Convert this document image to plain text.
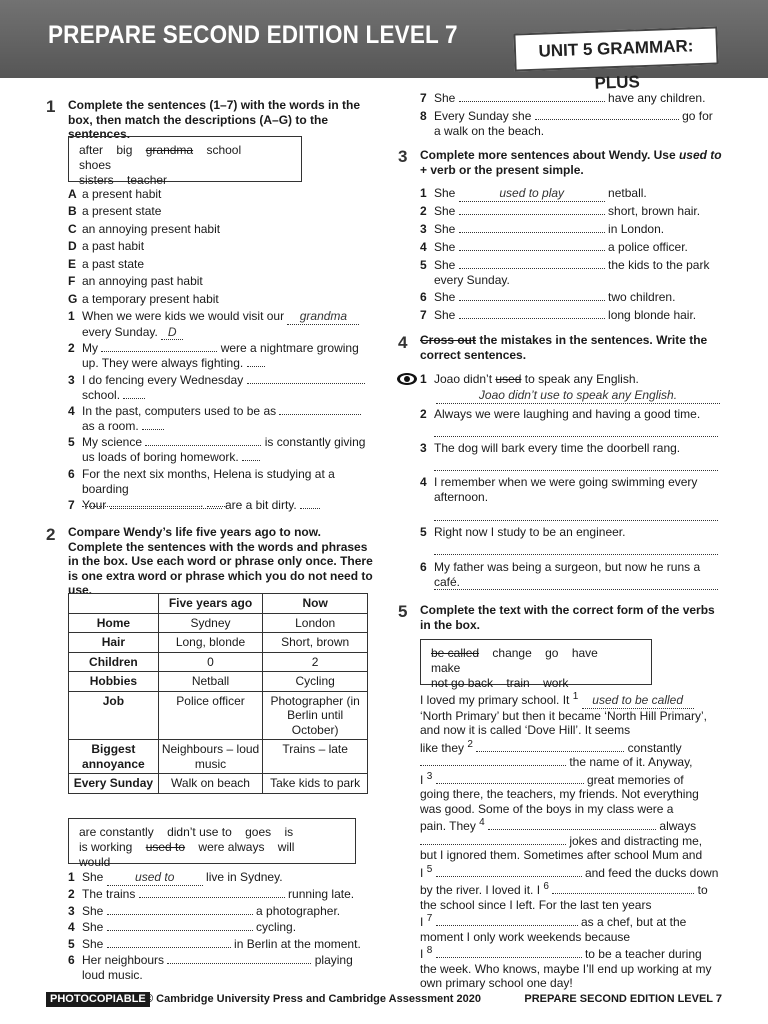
PREPARE SECOND EDITION LEVEL 7	UNIT 5 GRAMMAR: PLUS
1 Complete the sentences (1–7) with the words in the box, then match the descriptions (A–G) to the sentences.
after big grandma school shoes
sisters teacher
A a present habit
B a present state
C an annoying present habit
D a past habit
E a past state
F an annoying past habit
G a temporary present habit
1 When we were kids we would visit our grandma
every Sunday. D
2 My	were a nightmare growing up. They were always fighting.
3 I do fencing every Wednesday
school.
4 In the past, computers used to be as
as a room.
5 My science	is constantly giving us loads of boring homework.
6 For the next six months, Helena is studying at a boarding
.
7 Your	are a bit dirty.
2 Compare Wendy’s life five years ago to now. Complete the sentences with the words and phrases in the box. Use each word or phrase only once. There is one extra word or phrase which you do not need to use.
	Five years ago	Now
Home	Sydney	London
Hair	Long, blonde	Short, brown
Children	0	2
Hobbies	Netball	Cycling
Job	Police officer	Photographer (in Berlin until October)
Biggest annoyance	Neighbours – loud music	Trains – late
Every Sunday	Walk on beach	Take kids to park
are constantly didn’t use to goes is
is working used to were always will would
1 She	used to	live in Sydney.
2 The trains	running late.
3 She	a photographer.
4 She	cycling.
5 She	in Berlin at the moment.
6 Her neighbours	playing
loud music.
7 She	have any children.
8 Every Sunday she	go for
a walk on the beach.
3 Complete more sentences about Wendy. Use used to + verb or the present simple.
1 She	used to play	netball.
2 She	short, brown hair.
3 She	in London.
4 She	a police officer.
5 She	the kids to the park
every Sunday.
6 She	two children.
7 She	long blonde hair.
4 Cross out the mistakes in the sentences. Write the correct sentences.
1 Joao didn’t used to speak any English.
Joao didn’t use to speak any English.
2 Always we were laughing and having a good time.
3 The dog will bark every time the doorbell rang.
4 I remember when we were going swimming every afternoon.
5 Right now I study to be an engineer.
6 My father was being a surgeon, but now he runs a café.
5 Complete the text with the correct form of the verbs in the box.
be called change go have make
not go back train work
I loved my primary school. It $^1$ used to be called
‘North Primary’ but then it became ‘North Hill Primary’, and now it is called ‘Dove Hill’. It seems
like they $^2$	constantly
the name of it. Anyway,
I $^3$	great memories of
going there, the teachers, my friends. Not everything
was good. Some of the boys in my class were a
pain. They $^4$	always
jokes and distracting me,
but I ignored them. Sometimes after school Mum and
I $^5$	and feed the ducks down
by the river. I loved it. I $^6$	to
the school since I left. For the last ten years
I $^7$	as a chef, but at the
moment I only work weekends because
I $^8$	to be a teacher during
the week. Who knows, maybe I’ll end up working at my
own primary school one day!
PHOTOCOPIABLE © Cambridge University Press and Cambridge Assessment 2020	PREPARE SECOND EDITION LEVEL 7
